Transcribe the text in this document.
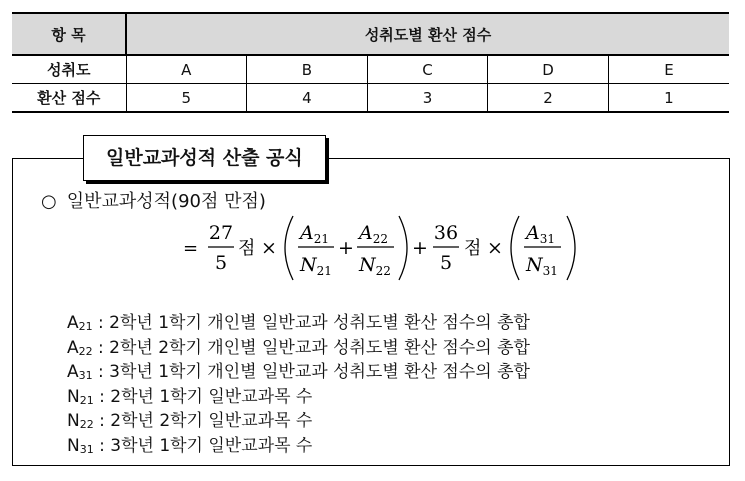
항 목	성취도별 환산 점수				
성취도	A	B	C	D	E
환산 점수	5	4	3	2	1
일반교과성적 산출 공식
○ 일반교과성적(90점 만점)
=
27
5
점 ×
$A_{21}$
$N_{21}$
+
$A_{22}$
$N_{22}$
+
36
5
점 ×
$A_{31}$
$N_{31}$
$A_{21}$ : 2학년 1학기 개인별 일반교과 성취도별 환산 점수의 총합
$A_{22}$ : 2학년 2학기 개인별 일반교과 성취도별 환산 점수의 총합
$A_{31}$ : 3학년 1학기 개인별 일반교과 성취도별 환산 점수의 총합
$N_{21}$ : 2학년 1학기 일반교과목 수
$N_{22}$ : 2학년 2학기 일반교과목 수
$N_{31}$ : 3학년 1학기 일반교과목 수
